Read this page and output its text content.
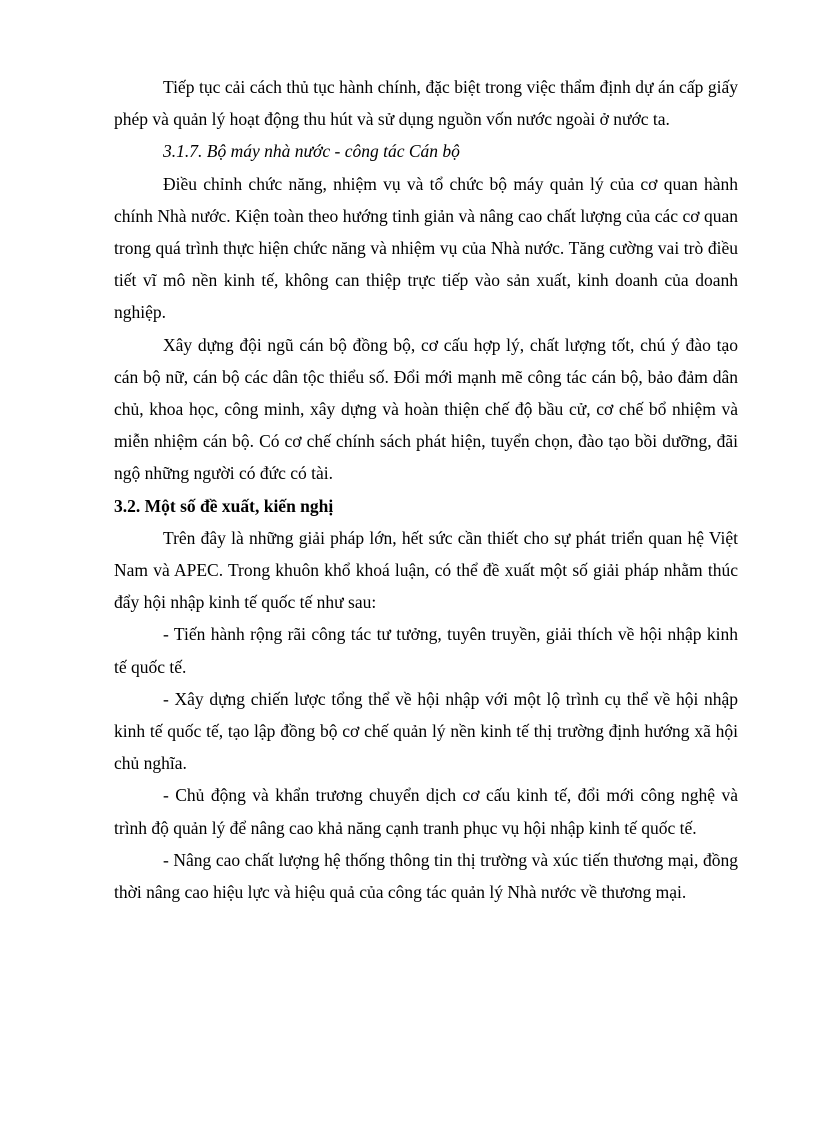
Tiếp tục cải cách thủ tục hành chính, đặc biệt trong việc thẩm định dự án cấp giấy phép và quản lý hoạt động thu hút và sử dụng nguồn vốn nước ngoài ở nước ta.

3.1.7. Bộ máy nhà nước - công tác Cán bộ

Điều chỉnh chức năng, nhiệm vụ và tổ chức bộ máy quản lý của cơ quan hành chính Nhà nước. Kiện toàn theo hướng tinh giản và nâng cao chất lượng của các cơ quan trong quá trình thực hiện chức năng và nhiệm vụ của Nhà nước. Tăng cường vai trò điều tiết vĩ mô nền kinh tế, không can thiệp trực tiếp vào sản xuất, kinh doanh của doanh nghiệp.

Xây dựng đội ngũ cán bộ đồng bộ, cơ cấu hợp lý, chất lượng tốt, chú ý đào tạo cán bộ nữ, cán bộ các dân tộc thiểu số. Đổi mới mạnh mẽ công tác cán bộ, bảo đảm dân chủ, khoa học, công minh, xây dựng và hoàn thiện chế độ bầu cử, cơ chế bổ nhiệm và miễn nhiệm cán bộ. Có cơ chế chính sách phát hiện, tuyển chọn, đào tạo bồi dưỡng, đãi ngộ những người có đức có tài.

3.2. Một số đề xuất, kiến nghị

Trên đây là những giải pháp lớn, hết sức cần thiết cho sự phát triển quan hệ Việt Nam và APEC. Trong khuôn khổ khoá luận, có thể đề xuất một số giải pháp nhằm thúc đẩy hội nhập kinh tế quốc tế như sau:

- Tiến hành rộng rãi công tác tư tưởng, tuyên truyền, giải thích về hội nhập kinh tế quốc tế.

- Xây dựng chiến lược tổng thể về hội nhập với một lộ trình cụ thể về hội nhập kinh tế quốc tế, tạo lập đồng bộ cơ chế quản lý nền kinh tế thị trường định hướng xã hội chủ nghĩa.

- Chủ động và khẩn trương chuyển dịch cơ cấu kinh tế, đổi mới công nghệ và trình độ quản lý để nâng cao khả năng cạnh tranh phục vụ hội nhập kinh tế quốc tế.

- Nâng cao chất lượng hệ thống thông tin thị trường và xúc tiến thương mại, đồng thời nâng cao hiệu lực và hiệu quả của công tác quản lý Nhà nước về thương mại.
